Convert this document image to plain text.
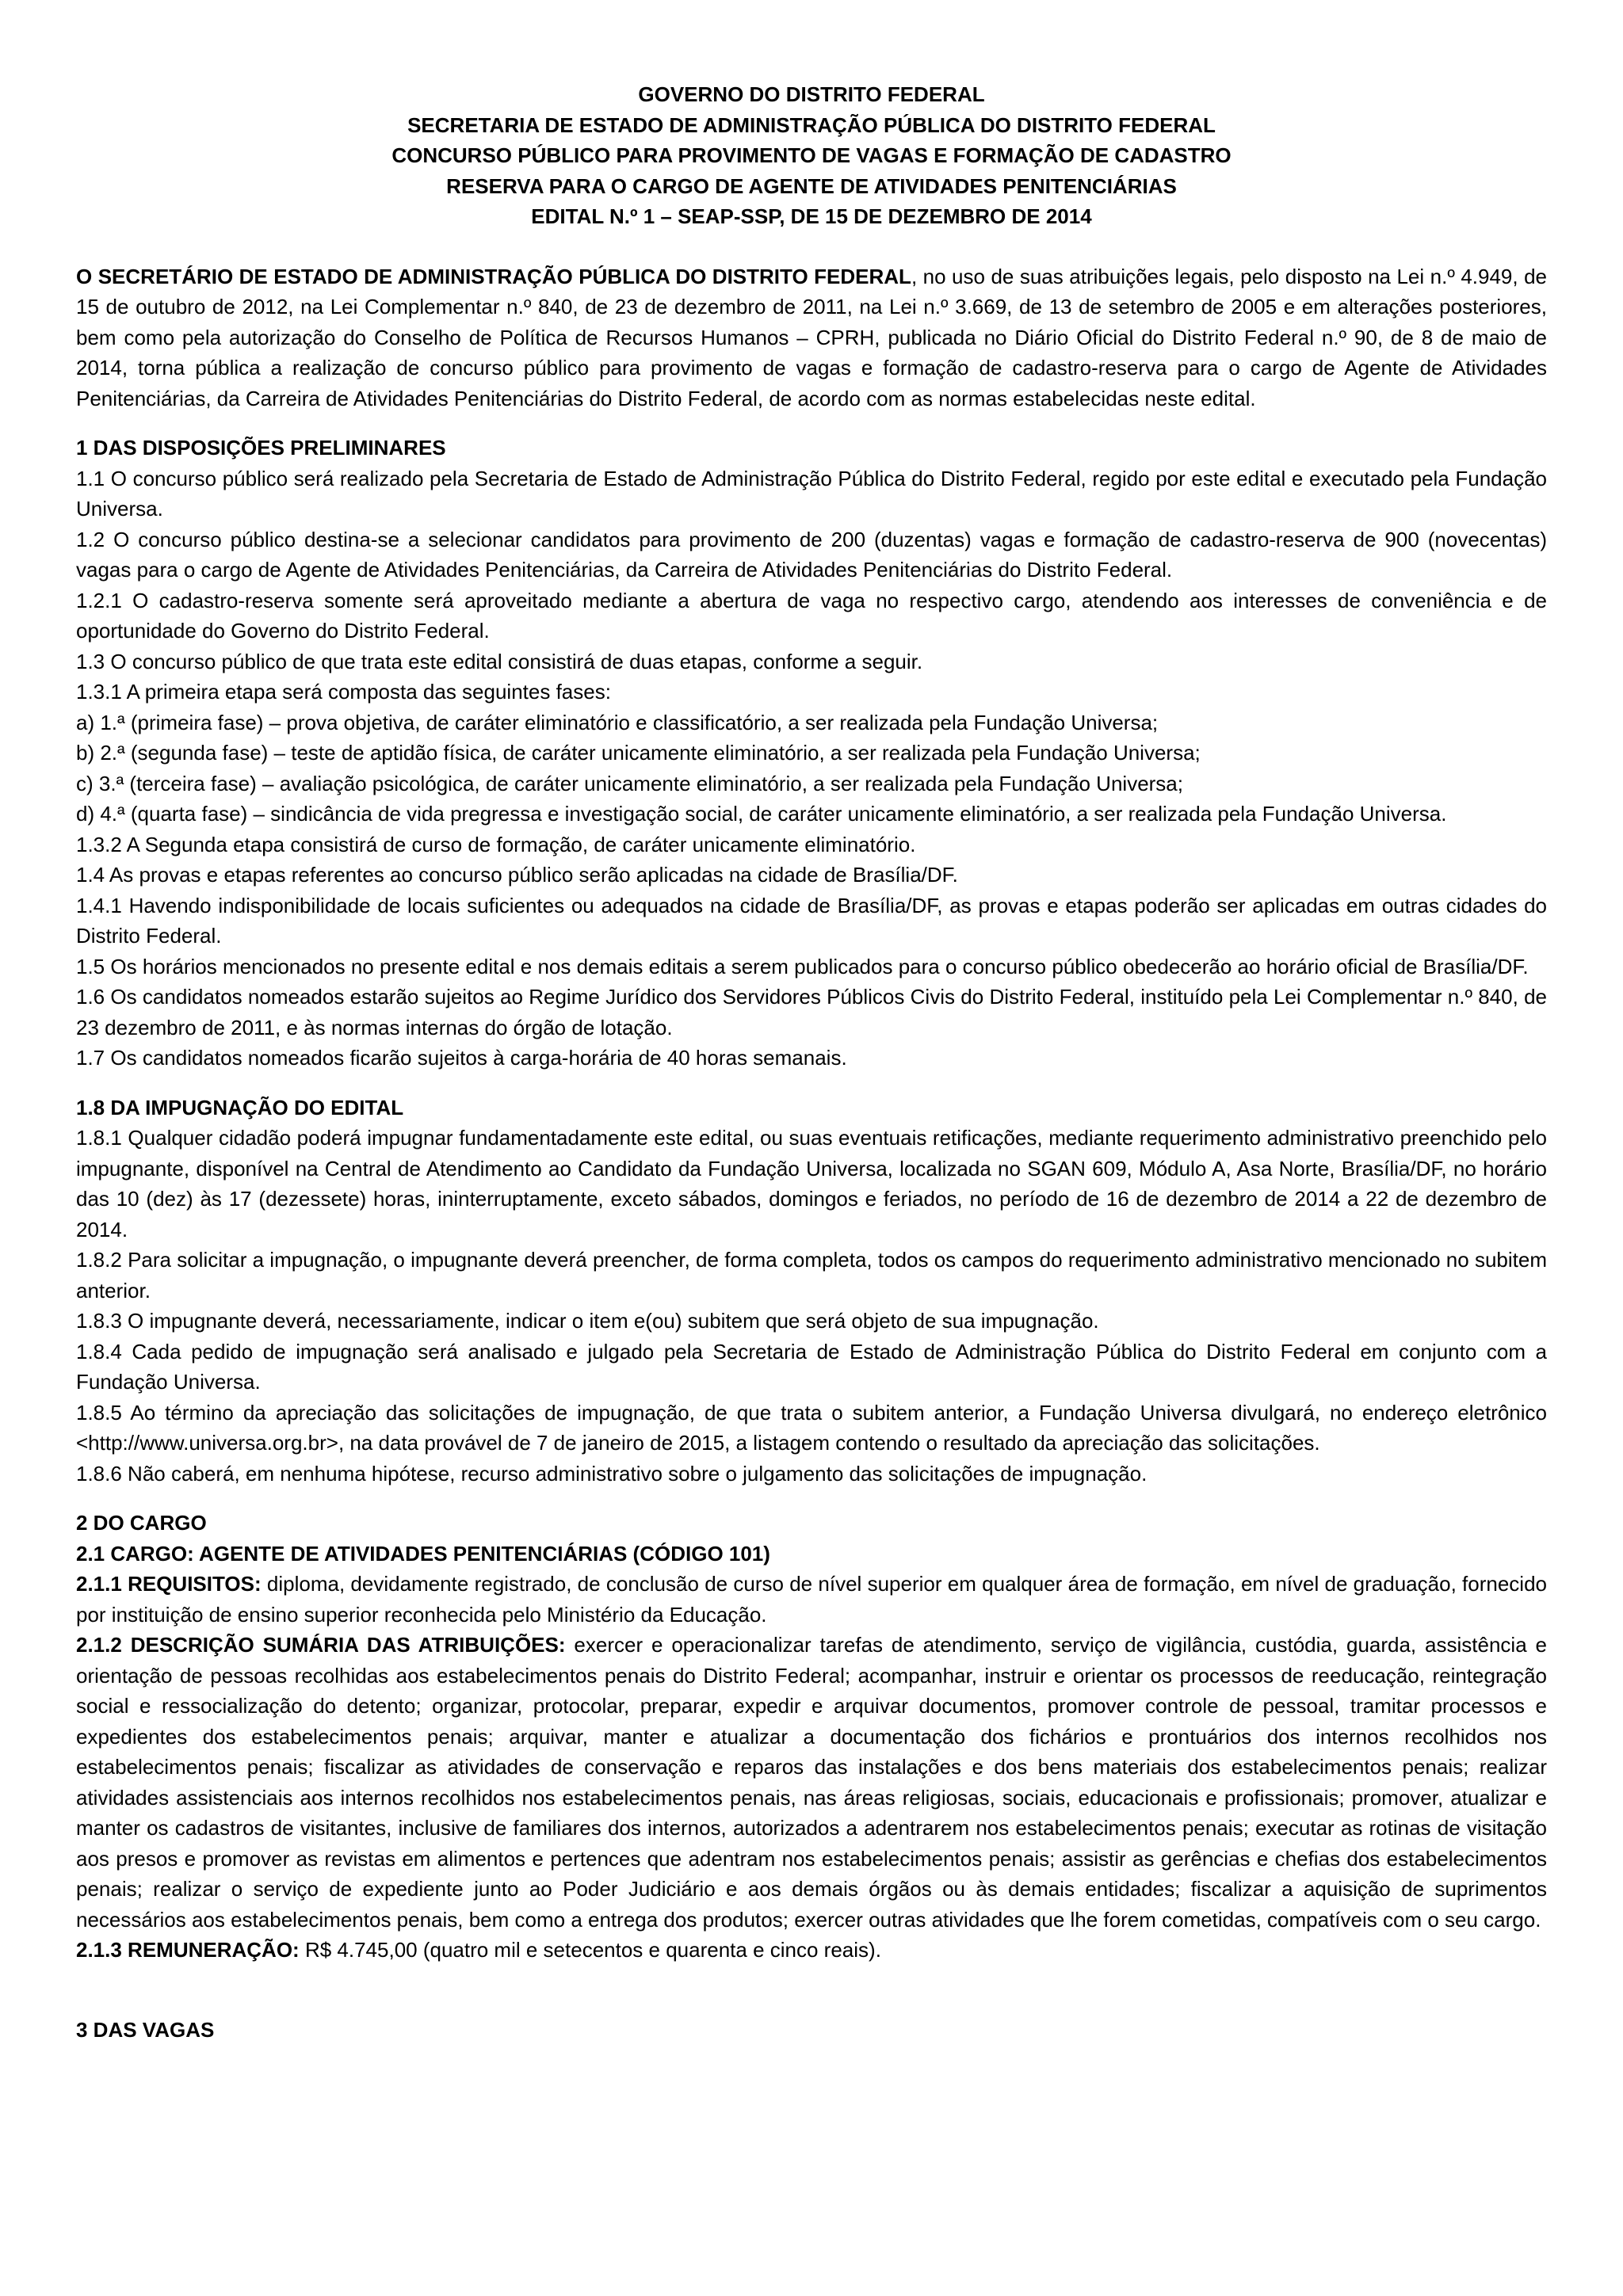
GOVERNO DO DISTRITO FEDERAL
SECRETARIA DE ESTADO DE ADMINISTRAÇÃO PÚBLICA DO DISTRITO FEDERAL
CONCURSO PÚBLICO PARA PROVIMENTO DE VAGAS E FORMAÇÃO DE CADASTRO
RESERVA PARA O CARGO DE AGENTE DE ATIVIDADES PENITENCIÁRIAS
EDITAL N.º 1 – SEAP-SSP, DE 15 DE DEZEMBRO DE 2014

O SECRETÁRIO DE ESTADO DE ADMINISTRAÇÃO PÚBLICA DO DISTRITO FEDERAL, no uso de suas atribuições legais, pelo disposto na Lei n.º 4.949, de 15 de outubro de 2012, na Lei Complementar n.º 840, de 23 de dezembro de 2011, na Lei n.º 3.669, de 13 de setembro de 2005 e em alterações posteriores, bem como pela autorização do Conselho de Política de Recursos Humanos – CPRH, publicada no Diário Oficial do Distrito Federal n.º 90, de 8 de maio de 2014, torna pública a realização de concurso público para provimento de vagas e formação de cadastro-reserva para o cargo de Agente de Atividades Penitenciárias, da Carreira de Atividades Penitenciárias do Distrito Federal, de acordo com as normas estabelecidas neste edital.

1 DAS DISPOSIÇÕES PRELIMINARES

1.1 O concurso público será realizado pela Secretaria de Estado de Administração Pública do Distrito Federal, regido por este edital e executado pela Fundação Universa.

1.2 O concurso público destina-se a selecionar candidatos para provimento de 200 (duzentas) vagas e formação de cadastro-reserva de 900 (novecentas) vagas para o cargo de Agente de Atividades Penitenciárias, da Carreira de Atividades Penitenciárias do Distrito Federal.

1.2.1 O cadastro-reserva somente será aproveitado mediante a abertura de vaga no respectivo cargo, atendendo aos interesses de conveniência e de oportunidade do Governo do Distrito Federal.

1.3 O concurso público de que trata este edital consistirá de duas etapas, conforme a seguir.

1.3.1 A primeira etapa será composta das seguintes fases:

a) 1.ª (primeira fase) – prova objetiva, de caráter eliminatório e classificatório, a ser realizada pela Fundação Universa;

b) 2.ª (segunda fase) – teste de aptidão física, de caráter unicamente eliminatório, a ser realizada pela Fundação Universa;

c) 3.ª (terceira fase) – avaliação psicológica, de caráter unicamente eliminatório, a ser realizada pela Fundação Universa;

d) 4.ª (quarta fase) – sindicância de vida pregressa e investigação social, de caráter unicamente eliminatório, a ser realizada pela Fundação Universa.

1.3.2 A Segunda etapa consistirá de curso de formação, de caráter unicamente eliminatório.

1.4 As provas e etapas referentes ao concurso público serão aplicadas na cidade de Brasília/DF.

1.4.1 Havendo indisponibilidade de locais suficientes ou adequados na cidade de Brasília/DF, as provas e etapas poderão ser aplicadas em outras cidades do Distrito Federal.

1.5 Os horários mencionados no presente edital e nos demais editais a serem publicados para o concurso público obedecerão ao horário oficial de Brasília/DF.

1.6 Os candidatos nomeados estarão sujeitos ao Regime Jurídico dos Servidores Públicos Civis do Distrito Federal, instituído pela Lei Complementar n.º 840, de 23 dezembro de 2011, e às normas internas do órgão de lotação.

1.7 Os candidatos nomeados ficarão sujeitos à carga-horária de 40 horas semanais.

1.8 DA IMPUGNAÇÃO DO EDITAL

1.8.1 Qualquer cidadão poderá impugnar fundamentadamente este edital, ou suas eventuais retificações, mediante requerimento administrativo preenchido pelo impugnante, disponível na Central de Atendimento ao Candidato da Fundação Universa, localizada no SGAN 609, Módulo A, Asa Norte, Brasília/DF, no horário das 10 (dez) às 17 (dezessete) horas, ininterruptamente, exceto sábados, domingos e feriados, no período de 16 de dezembro de 2014 a 22 de dezembro de 2014.

1.8.2 Para solicitar a impugnação, o impugnante deverá preencher, de forma completa, todos os campos do requerimento administrativo mencionado no subitem anterior.

1.8.3 O impugnante deverá, necessariamente, indicar o item e(ou) subitem que será objeto de sua impugnação.

1.8.4 Cada pedido de impugnação será analisado e julgado pela Secretaria de Estado de Administração Pública do Distrito Federal em conjunto com a Fundação Universa.

1.8.5 Ao término da apreciação das solicitações de impugnação, de que trata o subitem anterior, a Fundação Universa divulgará, no endereço eletrônico <http://www.universa.org.br>, na data provável de 7 de janeiro de 2015, a listagem contendo o resultado da apreciação das solicitações.

1.8.6 Não caberá, em nenhuma hipótese, recurso administrativo sobre o julgamento das solicitações de impugnação.

2 DO CARGO
2.1 CARGO: AGENTE DE ATIVIDADES PENITENCIÁRIAS (CÓDIGO 101)

2.1.1 REQUISITOS: diploma, devidamente registrado, de conclusão de curso de nível superior em qualquer área de formação, em nível de graduação, fornecido por instituição de ensino superior reconhecida pelo Ministério da Educação.

2.1.2 DESCRIÇÃO SUMÁRIA DAS ATRIBUIÇÕES: exercer e operacionalizar tarefas de atendimento, serviço de vigilância, custódia, guarda, assistência e orientação de pessoas recolhidas aos estabelecimentos penais do Distrito Federal; acompanhar, instruir e orientar os processos de reeducação, reintegração social e ressocialização do detento; organizar, protocolar, preparar, expedir e arquivar documentos, promover controle de pessoal, tramitar processos e expedientes dos estabelecimentos penais; arquivar, manter e atualizar a documentação dos fichários e prontuários dos internos recolhidos nos estabelecimentos penais; fiscalizar as atividades de conservação e reparos das instalações e dos bens materiais dos estabelecimentos penais; realizar atividades assistenciais aos internos recolhidos nos estabelecimentos penais, nas áreas religiosas, sociais, educacionais e profissionais; promover, atualizar e manter os cadastros de visitantes, inclusive de familiares dos internos, autorizados a adentrarem nos estabelecimentos penais; executar as rotinas de visitação aos presos e promover as revistas em alimentos e pertences que adentram nos estabelecimentos penais; assistir as gerências e chefias dos estabelecimentos penais; realizar o serviço de expediente junto ao Poder Judiciário e aos demais órgãos ou às demais entidades; fiscalizar a aquisição de suprimentos necessários aos estabelecimentos penais, bem como a entrega dos produtos; exercer outras atividades que lhe forem cometidas, compatíveis com o seu cargo.

2.1.3 REMUNERAÇÃO: R$ 4.745,00 (quatro mil e setecentos e quarenta e cinco reais).

3 DAS VAGAS
